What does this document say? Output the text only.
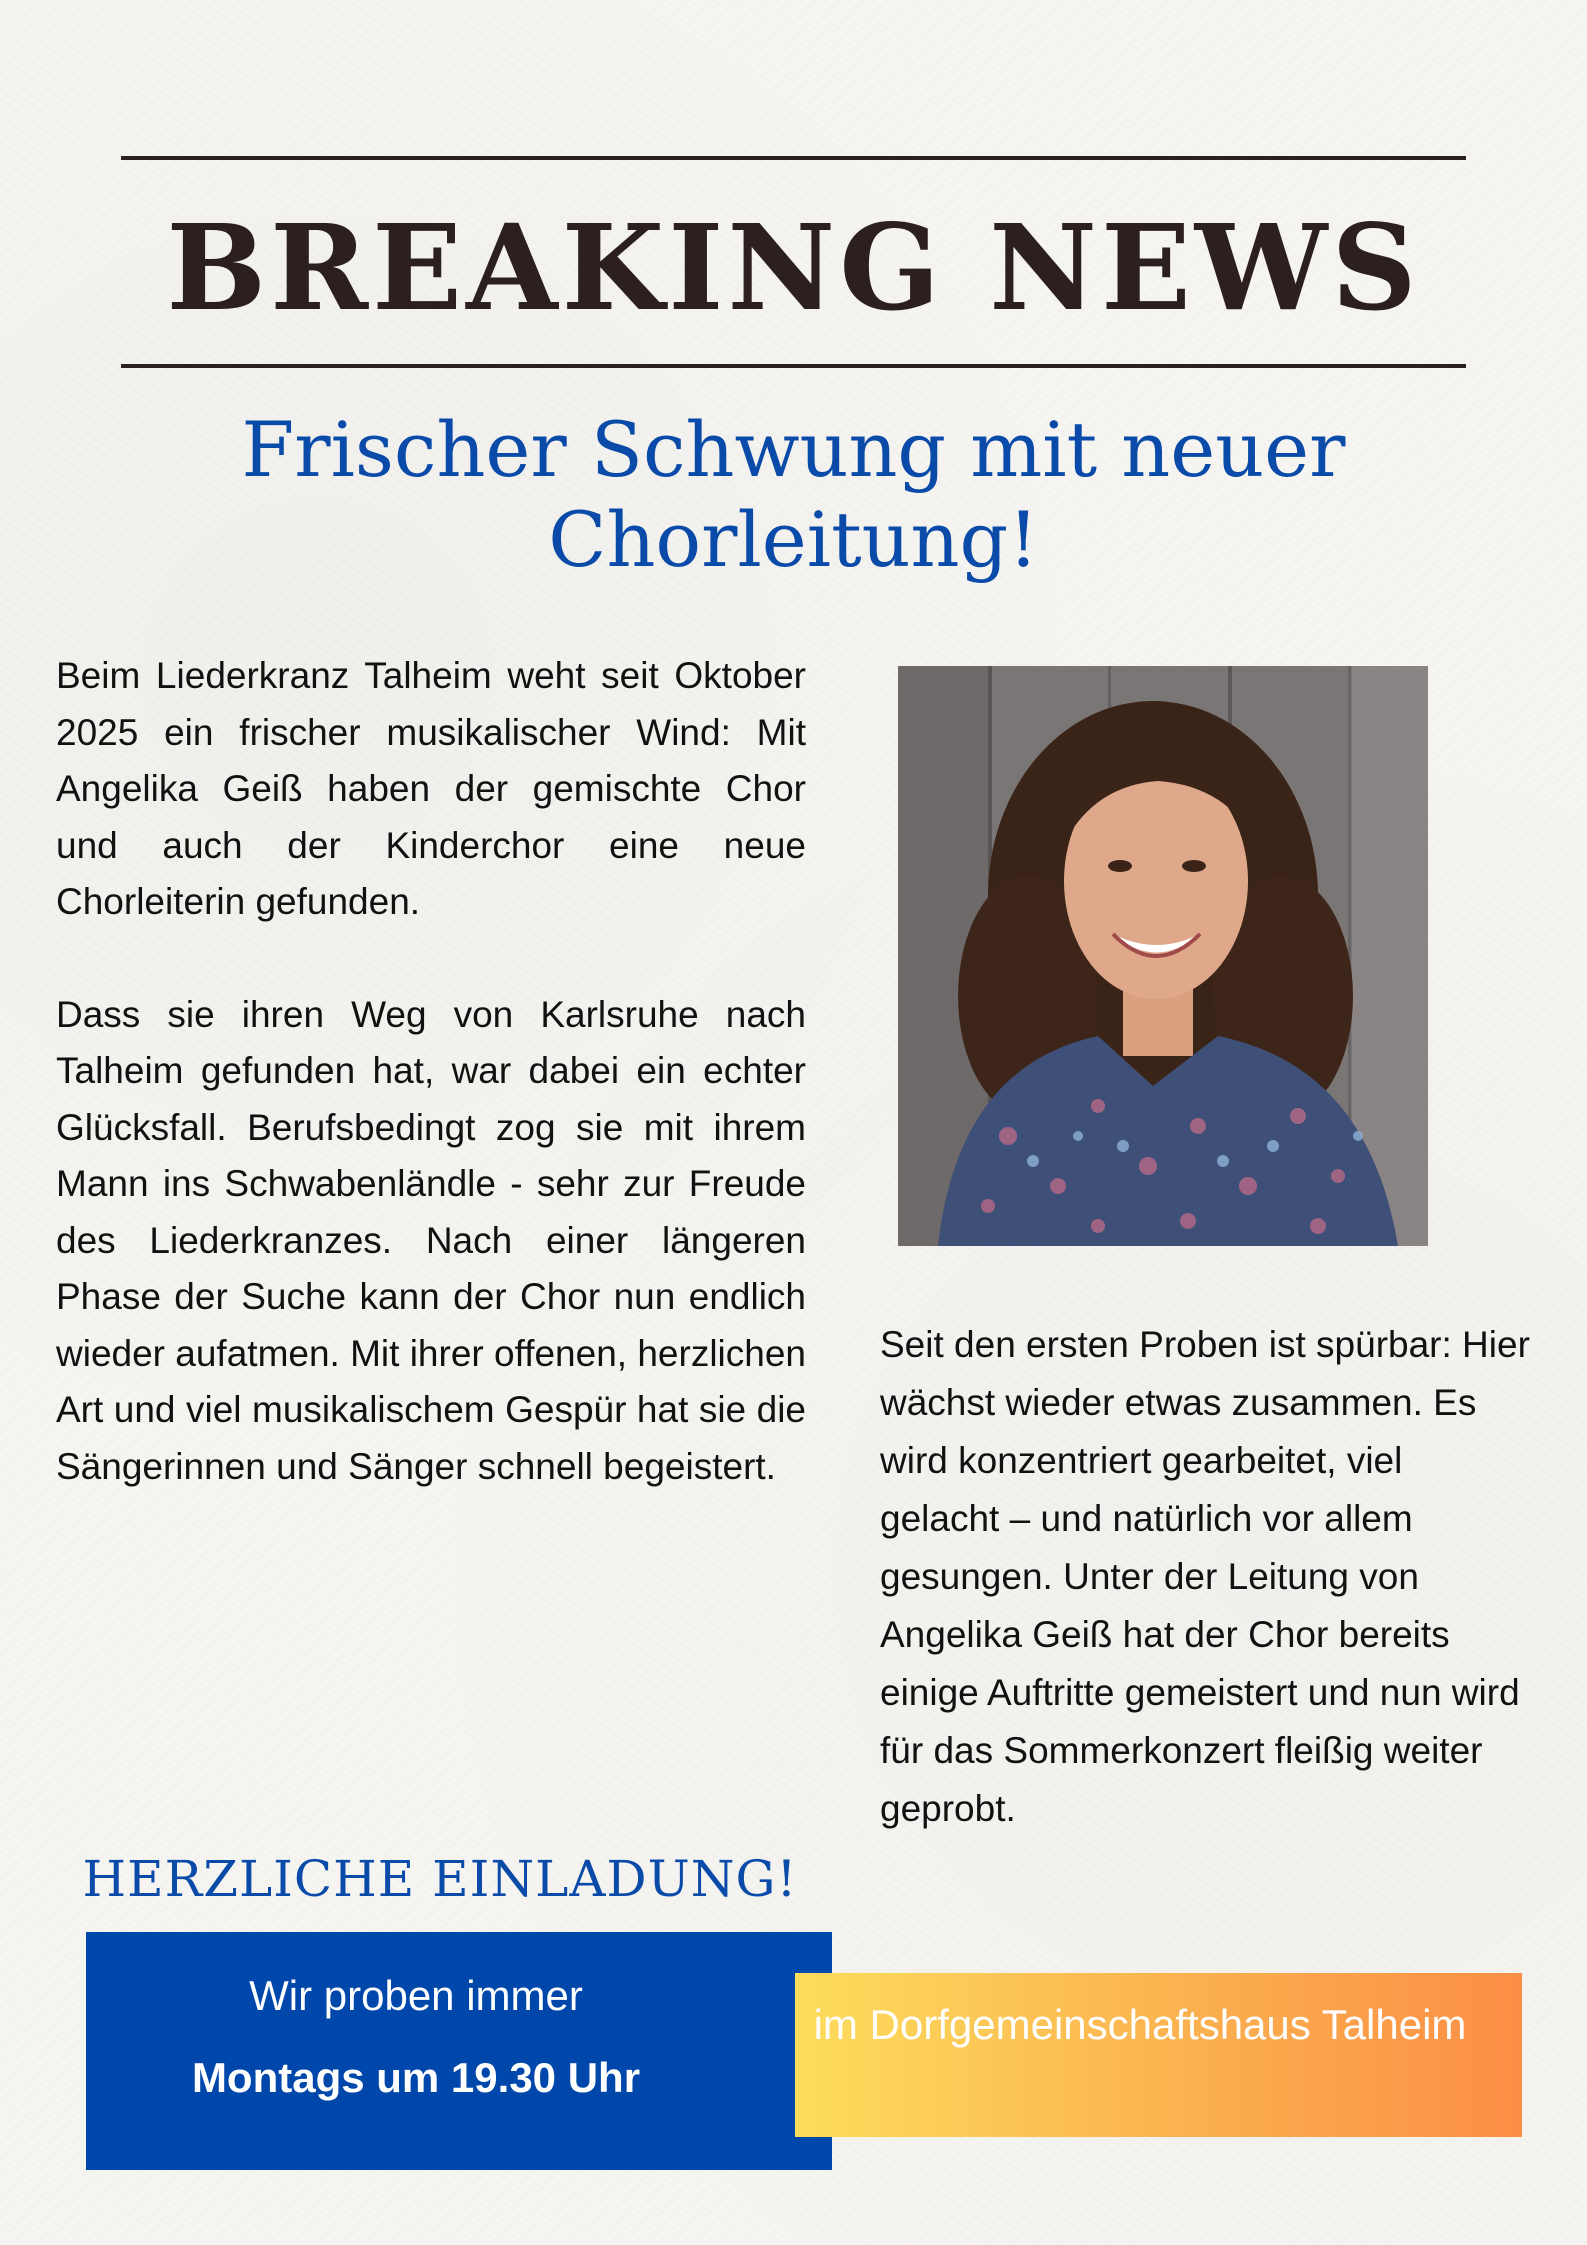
BREAKING NEWS
Frischer Schwung mit neuer Chorleitung!

Beim Liederkranz Talheim weht seit Oktober 2025 ein frischer musikalischer Wind: Mit Angelika Geiß haben der gemischte Chor und auch der Kinderchor eine neue Chorleiterin gefunden.

Dass sie ihren Weg von Karlsruhe nach Talheim gefunden hat, war dabei ein echter Glücksfall. Berufsbedingt zog sie mit ihrem Mann ins Schwabenländle - sehr zur Freude des Liederkranzes. Nach einer längeren Phase der Suche kann der Chor nun endlich wieder aufatmen. Mit ihrer offenen, herzlichen Art und viel musikalischem Gespür hat sie die Sängerinnen und Sänger schnell begeistert.

Seit den ersten Proben ist spürbar: Hier wächst wieder etwas zusammen. Es wird konzentriert gearbeitet, viel gelacht – und natürlich vor allem gesungen. Unter der Leitung von Angelika Geiß hat der Chor bereits einige Auftritte gemeistert und nun wird für das Sommerkonzert fleißig weiter geprobt.

HERZLICHE EINLADUNG!
Wir proben immer
Montags um 19.30 Uhr
im Dorfgemeinschaftshaus Talheim
